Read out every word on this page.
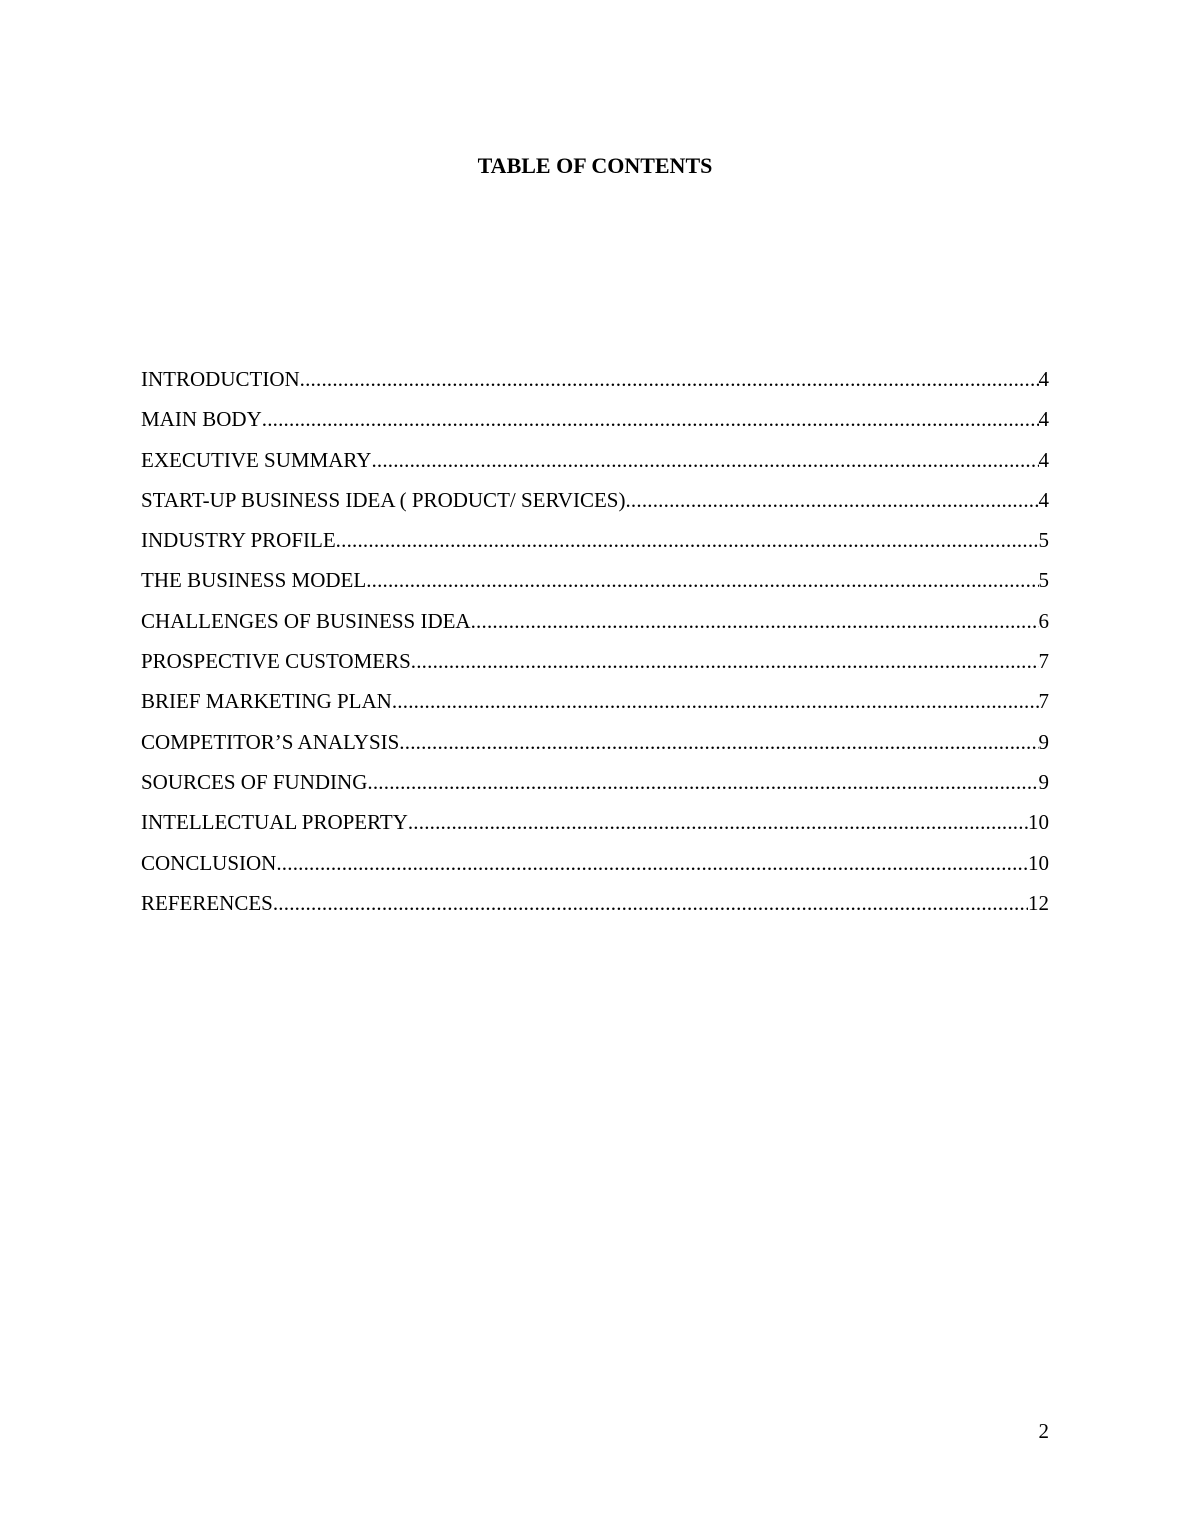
TABLE OF CONTENTS
INTRODUCTION .....	4
MAIN BODY .....	4
EXECUTIVE SUMMARY .....	4
START-UP BUSINESS IDEA ( PRODUCT/ SERVICES) .....	4
INDUSTRY PROFILE .....	5
THE BUSINESS MODEL .....	5
CHALLENGES OF BUSINESS IDEA .....	6
PROSPECTIVE CUSTOMERS .....	7
BRIEF MARKETING PLAN .....	7
COMPETITOR’S ANALYSIS .....	9
SOURCES OF FUNDING .....	9
INTELLECTUAL PROPERTY .....	10
CONCLUSION .....	10
REFERENCES .....	12
2
